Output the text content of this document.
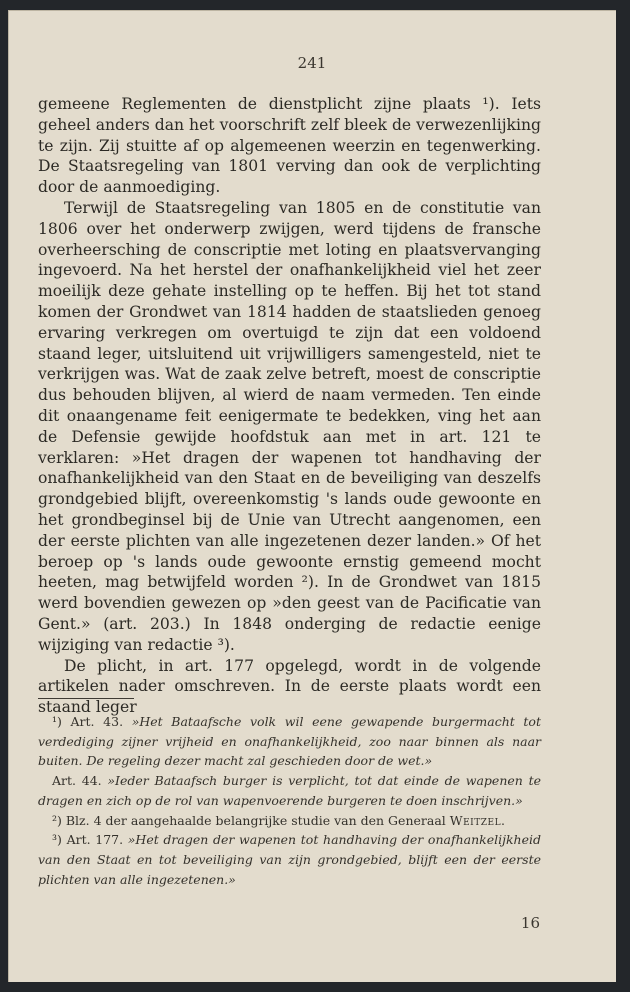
241

gemeene Reglementen de dienstplicht zijne plaats ¹). Iets geheel anders dan het voorschrift zelf bleek de verwezenlijking te zijn. Zij stuitte af op algemeenen weerzin en tegenwerking. De Staatsregeling van 1801 verving dan ook de verplichting door de aanmoediging.

Terwijl de Staatsregeling van 1805 en de constitutie van 1806 over het onderwerp zwijgen, werd tijdens de fransche overheersching de conscriptie met loting en plaatsvervanging ingevoerd. Na het herstel der onafhankelijkheid viel het zeer moeilijk deze gehate instelling op te heffen. Bij het tot stand komen der Grondwet van 1814 hadden de staatslieden genoeg ervaring verkregen om overtuigd te zijn dat een voldoend staand leger, uitsluitend uit vrijwilligers samengesteld, niet te verkrijgen was. Wat de zaak zelve betreft, moest de conscriptie dus behouden blijven, al wierd de naam vermeden. Ten einde dit onaangename feit eenigermate te bedekken, ving het aan de Defensie gewijde hoofdstuk aan met in art. 121 te verklaren: »Het dragen der wapenen tot handhaving der onafhankelijkheid van den Staat en de beveiliging van deszelfs grondgebied blijft, overeenkomstig 's lands oude gewoonte en het grondbeginsel bij de Unie van Utrecht aangenomen, een der eerste plichten van alle ingezetenen dezer landen.» Of het beroep op 's lands oude gewoonte ernstig gemeend mocht heeten, mag betwijfeld worden ²). In de Grondwet van 1815 werd bovendien gewezen op »den geest van de Pacificatie van Gent.» (art. 203.) In 1848 onderging de redactie eenige wijziging van redactie ³).

De plicht, in art. 177 opgelegd, wordt in de volgende artikelen nader omschreven. In de eerste plaats wordt een staand leger

¹) Art. 43. »Het Bataafsche volk wil eene gewapende burgermacht tot verdediging zijner vrijheid en onafhankelijkheid, zoo naar binnen als naar buiten. De regeling dezer macht zal geschieden door de wet.»

Art. 44. »Ieder Bataafsch burger is verplicht, tot dat einde de wapenen te dragen en zich op de rol van wapenvoerende burgeren te doen inschrijven.»

²) Blz. 4 der aangehaalde belangrijke studie van den Generaal Weitzel.

³) Art. 177. »Het dragen der wapenen tot handhaving der onafhankelijkheid van den Staat en tot beveiliging van zijn grondgebied, blijft een der eerste plichten van alle ingezetenen.»

16
